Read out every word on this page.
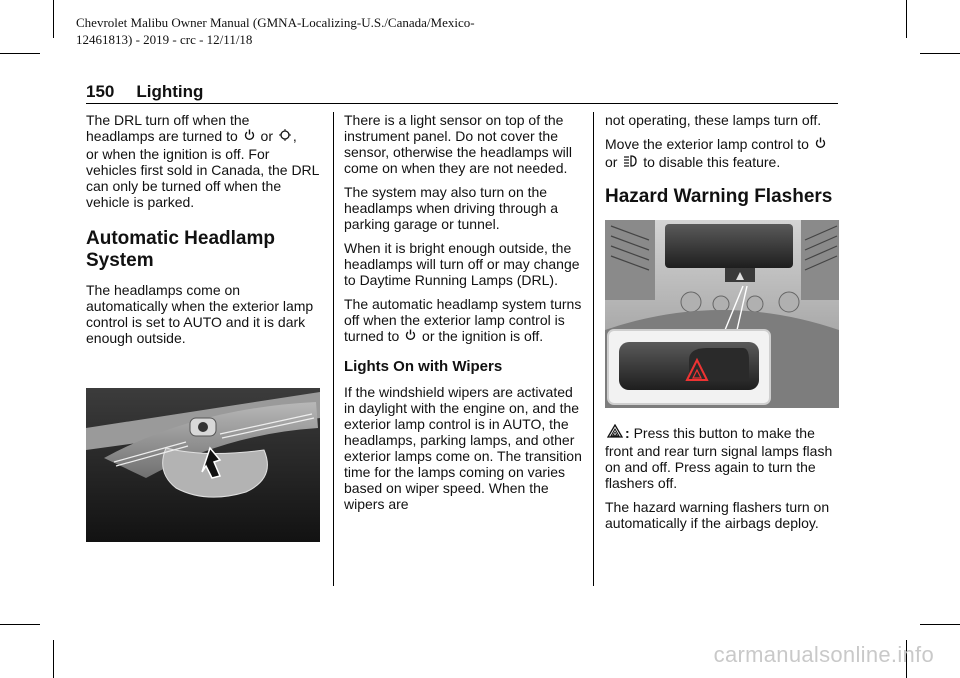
Chevrolet Malibu Owner Manual (GMNA-Localizing-U.S./Canada/Mexico-
12461813) - 2019 - crc - 12/11/18
150 Lighting

The DRL turn off when the
headlamps are turned to or ,
or when the ignition is off. For vehicles first sold in Canada, the DRL can only be turned off when the vehicle is parked.

Automatic Headlamp System

The headlamps come on automatically when the exterior lamp control is set to AUTO and it is dark enough outside.

There is a light sensor on top of the instrument panel. Do not cover the sensor, otherwise the headlamps will come on when they are not needed.

The system may also turn on the headlamps when driving through a parking garage or tunnel.

When it is bright enough outside, the headlamps will turn off or may change to Daytime Running Lamps (DRL).

The automatic headlamp system turns off when the exterior lamp control is turned to or the ignition is off.

Lights On with Wipers

If the windshield wipers are activated in daylight with the engine on, and the exterior lamp control is in AUTO, the headlamps, parking lamps, and other exterior lamps come on. The transition time for the lamps coming on varies based on wiper speed. When the wipers are

not operating, these lamps turn off.

Move the exterior lamp control to
or to disable this feature.

Hazard Warning Flashers

: Press this button to make the front and rear turn signal lamps flash on and off. Press again to turn the flashers off.

The hazard warning flashers turn on automatically if the airbags deploy.

carmanualsonline.info
